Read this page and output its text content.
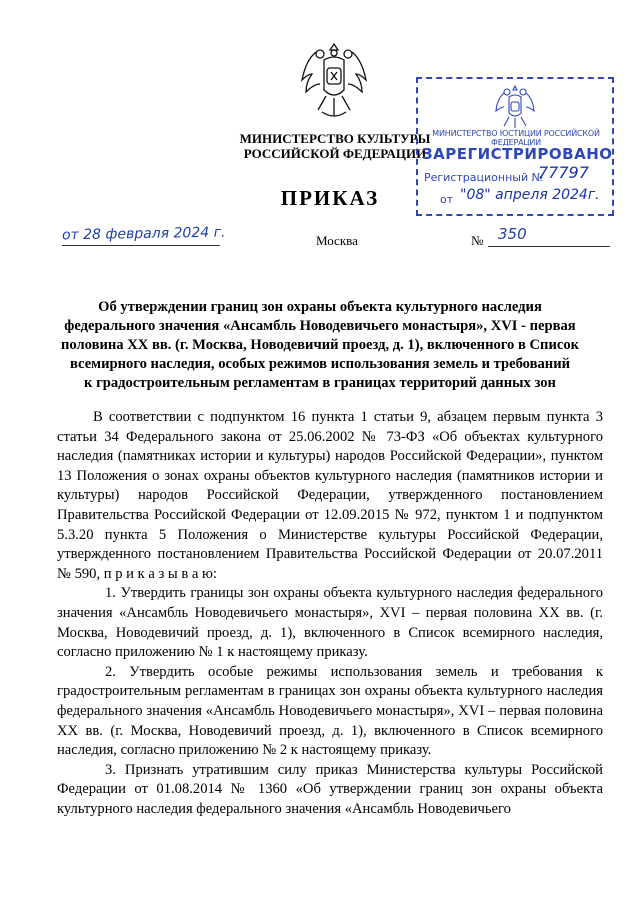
МИНИСТЕРСТВО КУЛЬТУРЫ
РОССИЙСКОЙ ФЕДЕРАЦИИ
ПРИКАЗ
от 28 февраля 2024 г.	Москва	№ 350
МИНИСТЕРСТВО ЮСТИЦИИ РОССИЙСКОЙ ФЕДЕРАЦИИ
ЗАРЕГИСТРИРОВАНО
Регистрационный №
77797
от "08" апреля 2024г.
Об утверждении границ зон охраны объекта культурного наследия
федерального значения «Ансамбль Новодевичьего монастыря», XVI - первая
половина XX вв. (г. Москва, Новодевичий проезд, д. 1), включенного в Список
всемирного наследия, особых режимов использования земель и требований
к градостроительным регламентам в границах территорий данных зон

В соответствии с подпунктом 16 пункта 1 статьи 9, абзацем первым пункта 3 статьи 34 Федерального закона от 25.06.2002 № 73-ФЗ «Об объектах культурного наследия (памятниках истории и культуры) народов Российской Федерации», пунктом 13 Положения о зонах охраны объектов культурного наследия (памятников истории и культуры) народов Российской Федерации, утвержденного постановлением Правительства Российской Федерации от 12.09.2015 № 972, пунктом 1 и подпунктом 5.3.20 пункта 5 Положения о Министерстве культуры Российской Федерации, утвержденного постановлением Правительства Российской Федерации от 20.07.2011 № 590, п р и к а з ы в а ю:

1. Утвердить границы зон охраны объекта культурного наследия федерального значения «Ансамбль Новодевичьего монастыря», XVI – первая половина XX вв. (г. Москва, Новодевичий проезд, д. 1), включенного в Список всемирного наследия, согласно приложению № 1 к настоящему приказу.

2. Утвердить особые режимы использования земель и требования к градостроительным регламентам в границах зон охраны объекта культурного наследия федерального значения «Ансамбль Новодевичьего монастыря», XVI – первая половина XX вв. (г. Москва, Новодевичий проезд, д. 1), включенного в Список всемирного наследия, согласно приложению № 2 к настоящему приказу.

3. Признать утратившим силу приказ Министерства культуры Российской Федерации от 01.08.2014 № 1360 «Об утверждении границ зон охраны объекта культурного наследия федерального значения «Ансамбль Новодевичьего
